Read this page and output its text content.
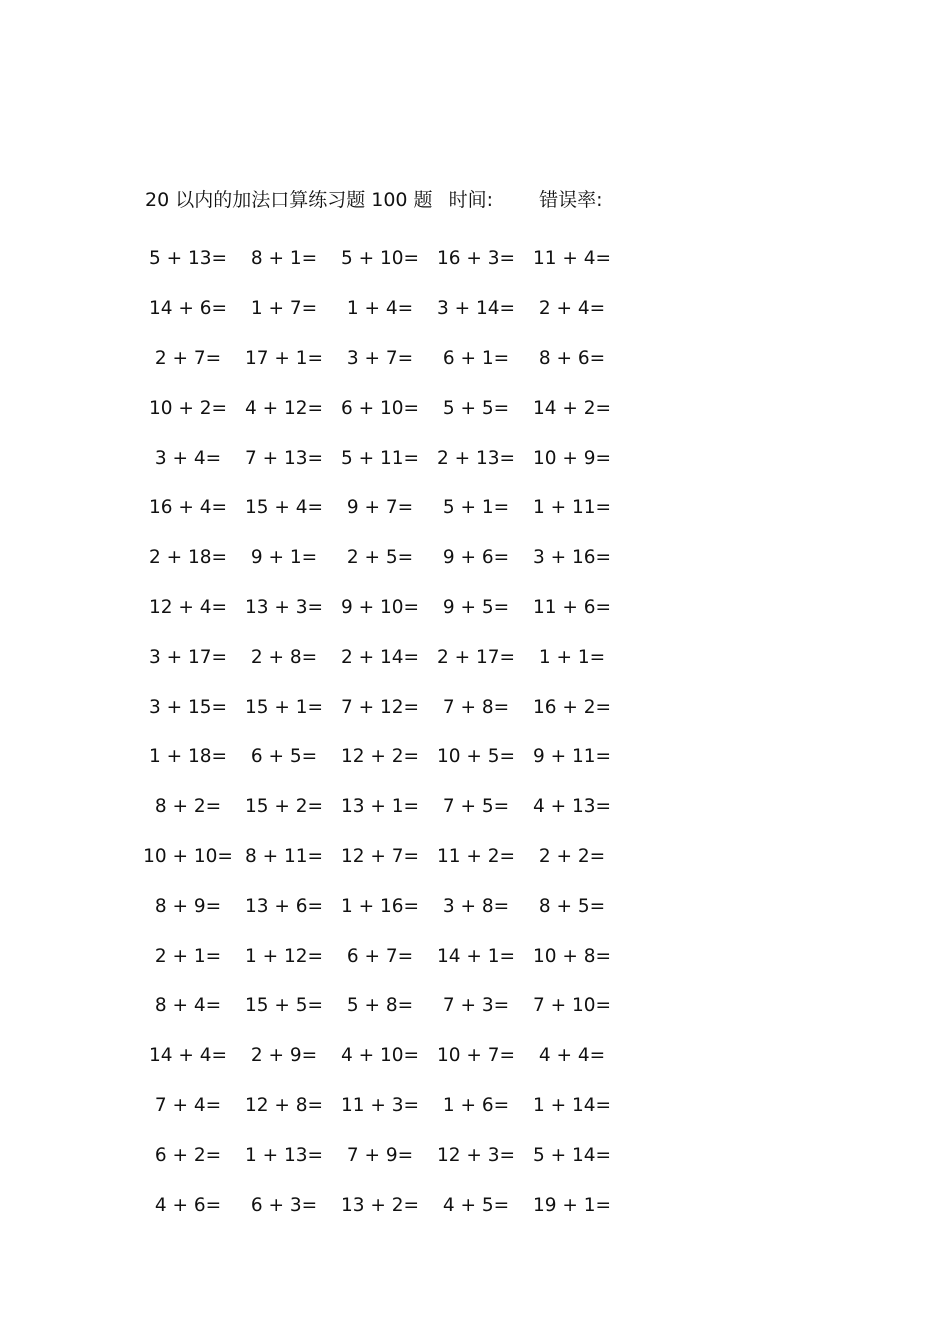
20 以内的加法口算练习题 100 题 时间: 错误率:
5 + 13=	8 + 1=	5 + 10= 16 + 3= 11 + 4=
14 + 6=	1 + 7=	1 + 4=	3 + 14=	2 + 4=
2 + 7=	17 + 1=	3 + 7=	6 + 1=	8 + 6=
10 + 2= 4 + 12= 6 + 10=	5 + 5=	14 + 2=
3 + 4=	7 + 13= 5 + 11= 2 + 13= 10 + 9=
16 + 4= 15 + 4=	9 + 7=	5 + 1=	1 + 11=
2 + 18=	9 + 1=	2 + 5=	9 + 6=	3 + 16=
12 + 4= 13 + 3= 9 + 10=	9 + 5=	11 + 6=
3 + 17=	2 + 8=	2 + 14= 2 + 17=	1 + 1=
3 + 15= 15 + 1= 7 + 12=	7 + 8=	16 + 2=
1 + 18=	6 + 5=	12 + 2= 10 + 5= 9 + 11=
8 + 2=	15 + 2= 13 + 1=	7 + 5=	4 + 13=
10 + 10= 8 + 11= 12 + 7= 11 + 2=	2 + 2=
8 + 9=	13 + 6= 1 + 16=	3 + 8=	8 + 5=
2 + 1=	1 + 12=	6 + 7=	14 + 1= 10 + 8=
8 + 4=	15 + 5=	5 + 8=	7 + 3=	7 + 10=
14 + 4=	2 + 9=	4 + 10= 10 + 7=	4 + 4=
7 + 4=	12 + 8= 11 + 3=	1 + 6=	1 + 14=
6 + 2=	1 + 13=	7 + 9=	12 + 3= 5 + 14=
4 + 6=	6 + 3=	13 + 2=	4 + 5=	19 + 1=
